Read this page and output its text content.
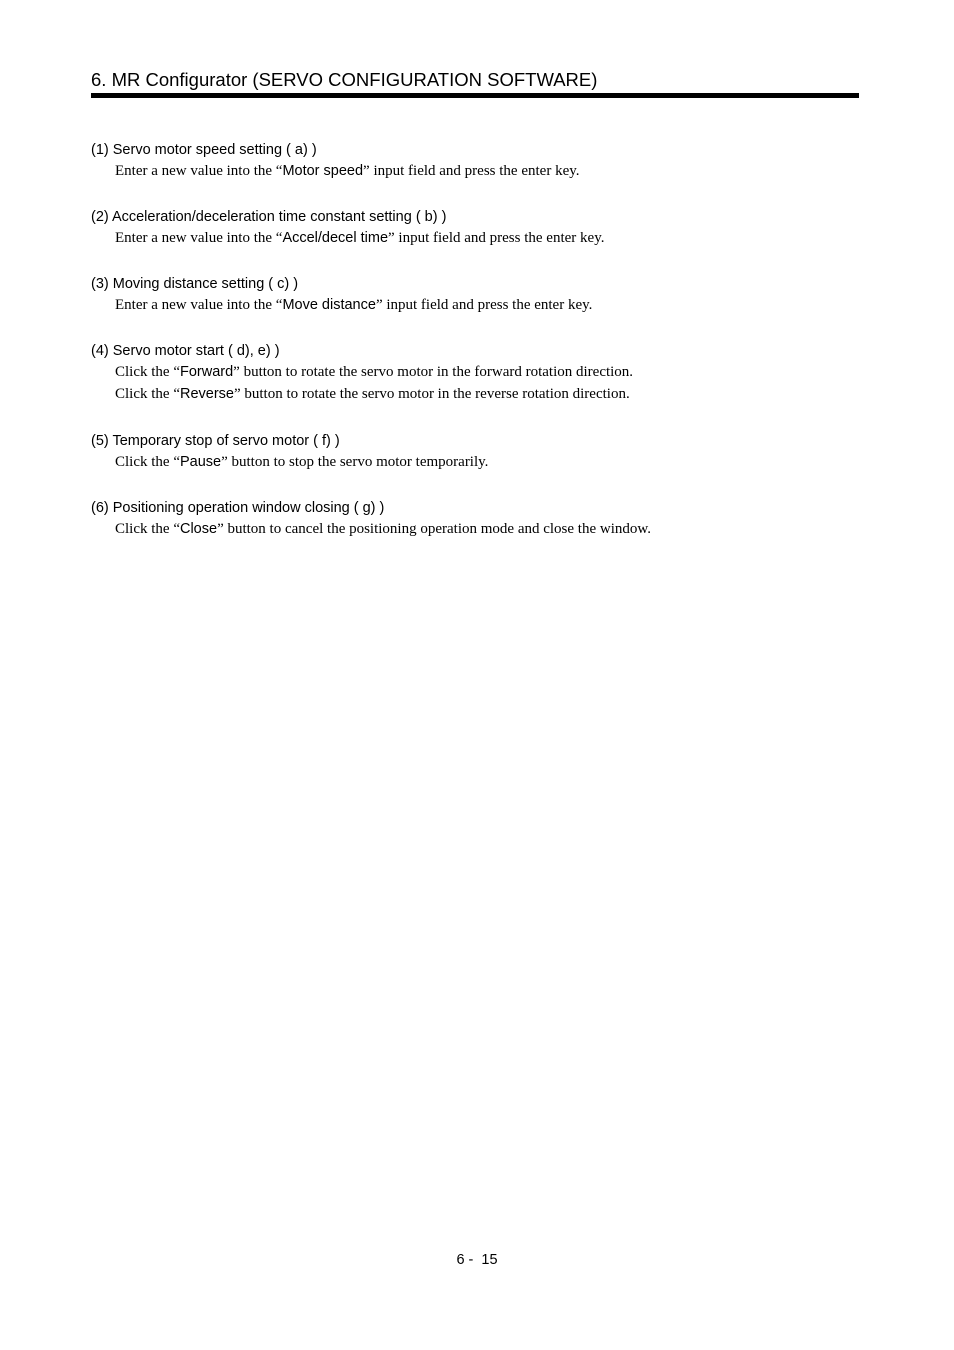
6. MR Configurator (SERVO CONFIGURATION SOFTWARE)
(1) Servo motor speed setting ( a) )
Enter a new value into the “Motor speed” input field and press the enter key.
(2) Acceleration/deceleration time constant setting ( b) )
Enter a new value into the “Accel/decel time” input field and press the enter key.
(3) Moving distance setting ( c) )
Enter a new value into the “Move distance” input field and press the enter key.
(4) Servo motor start ( d), e) )
Click the “Forward” button to rotate the servo motor in the forward rotation direction.
Click the “Reverse” button to rotate the servo motor in the reverse rotation direction.
(5) Temporary stop of servo motor ( f) )
Click the “Pause” button to stop the servo motor temporarily.
(6) Positioning operation window closing ( g) )
Click the “Close” button to cancel the positioning operation mode and close the window.
6 -  15
